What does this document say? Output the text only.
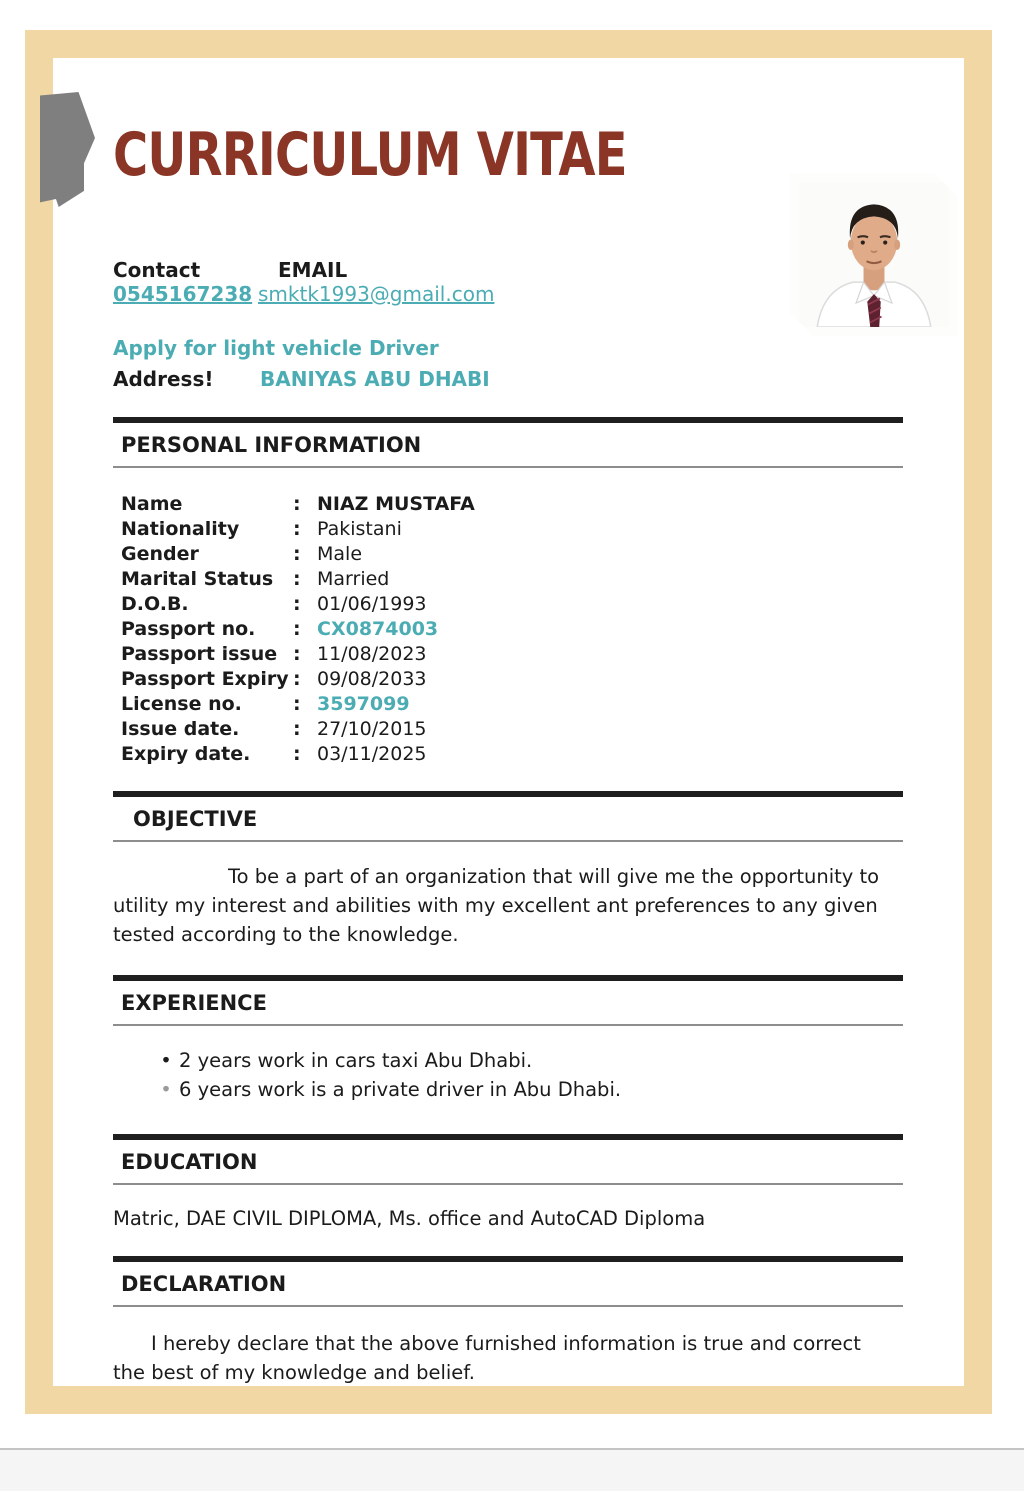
CURRICULUM VITAE
Contact	EMAIL
0545167238 smktk1993@gmail.com
Apply for light vehicle Driver
Address! BANIYAS ABU DHABI
PERSONAL INFORMATION
Name	: NIAZ MUSTAFA
Nationality	: Pakistani
Gender	: Male
Marital Status	: Married
D.O.B.	: 01/06/1993
Passport no.	: CX0874003
Passport issue : 11/08/2023
Passport Expiry : 09/08/2033
License no.	: 3597099
Issue date.	: 27/10/2015
Expiry date.	: 03/11/2025
OBJECTIVE

To be a part of an organization that will give me the opportunity to utility my interest and abilities with my excellent ant preferences to any given tested according to the knowledge.

EXPERIENCE
• 2 years work in cars taxi Abu Dhabi.
• 6 years work is a private driver in Abu Dhabi.
EDUCATION
Matric, DAE CIVIL DIPLOMA, Ms. office and AutoCAD Diploma
DECLARATION

I hereby declare that the above furnished information is true and correct the best of my knowledge and belief.
